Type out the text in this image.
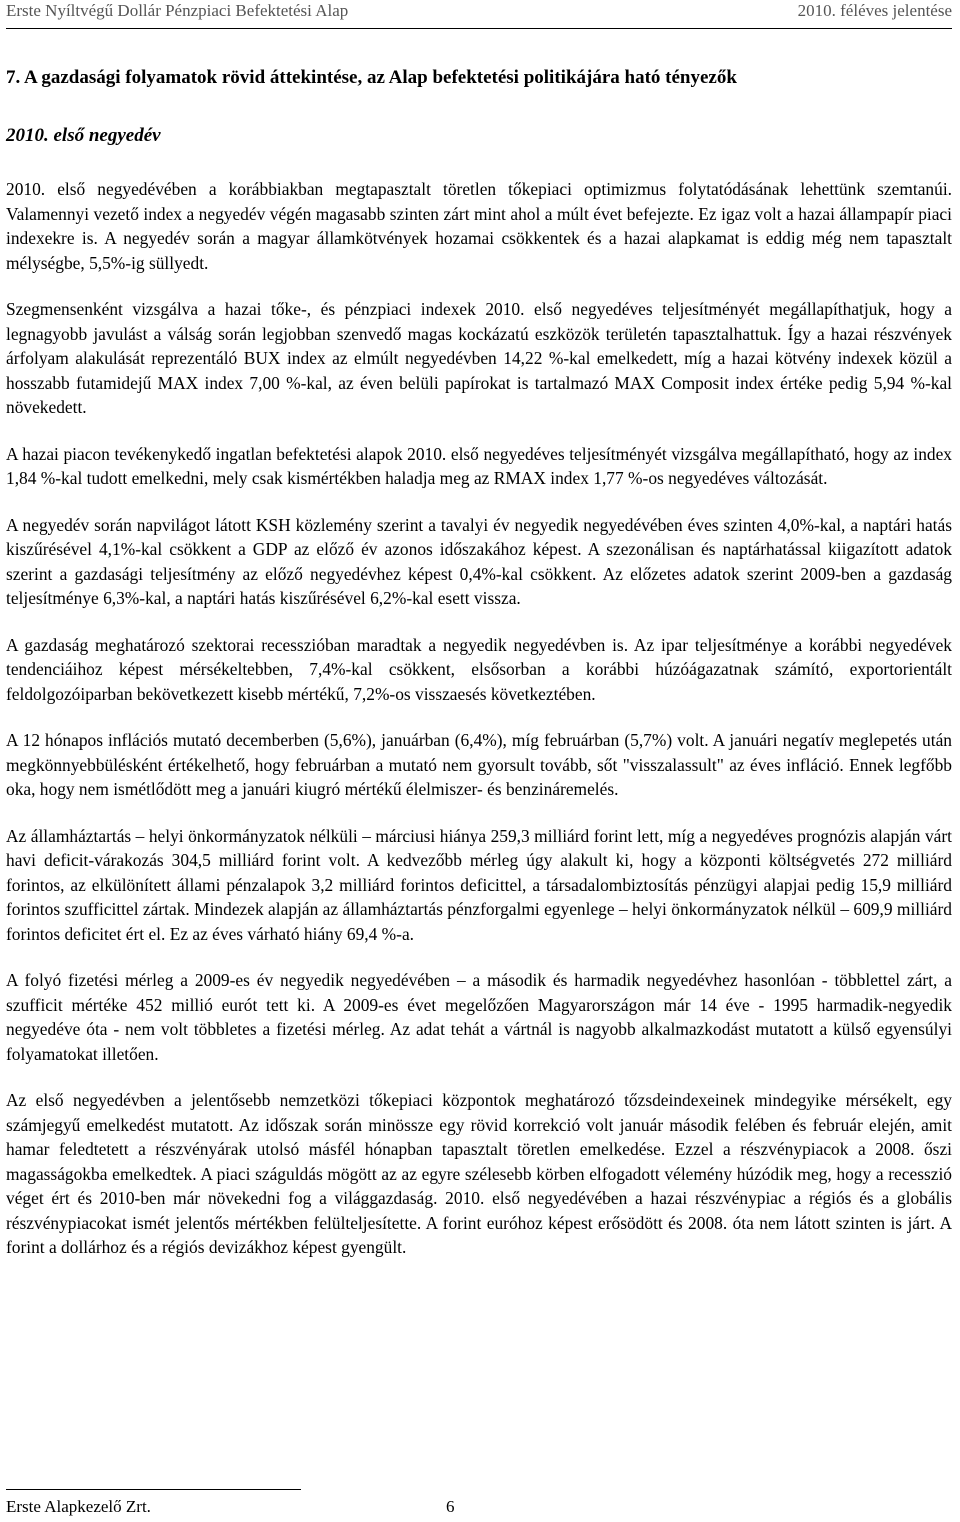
Erste Nyíltvégű Dollár Pénzpiaci Befektetési Alap	2010. féléves jelentése
7. A gazdasági folyamatok rövid áttekintése, az Alap befektetési politikájára ható tényezők
2010. első negyedév

2010. első negyedévében a korábbiakban megtapasztalt töretlen tőkepiaci optimizmus folytatódásának lehettünk szemtanúi. Valamennyi vezető index a negyedév végén magasabb szinten zárt mint ahol a múlt évet befejezte. Ez igaz volt a hazai állampapír piaci indexekre is. A negyedév során a magyar államkötvények hozamai csökkentek és a hazai alapkamat is eddig még nem tapasztalt mélységbe, 5,5%-ig süllyedt.

Szegmensenként vizsgálva a hazai tőke-, és pénzpiaci indexek 2010. első negyedéves teljesítményét megállapíthatjuk, hogy a legnagyobb javulást a válság során legjobban szenvedő magas kockázatú eszközök területén tapasztalhattuk. Így a hazai részvények árfolyam alakulását reprezentáló BUX index az elmúlt negyedévben 14,22 %-kal emelkedett, míg a hazai kötvény indexek közül a hosszabb futamidejű MAX index 7,00 %-kal, az éven belüli papírokat is tartalmazó MAX Composit index értéke pedig 5,94 %-kal növekedett.

A hazai piacon tevékenykedő ingatlan befektetési alapok 2010. első negyedéves teljesítményét vizsgálva megállapítható, hogy az index 1,84 %-kal tudott emelkedni, mely csak kismértékben haladja meg az RMAX index 1,77 %-os negyedéves változását.

A negyedév során napvilágot látott KSH közlemény szerint a tavalyi év negyedik negyedévében éves szinten 4,0%-kal, a naptári hatás kiszűrésével 4,1%-kal csökkent a GDP az előző év azonos időszakához képest. A szezonálisan és naptárhatással kiigazított adatok szerint a gazdasági teljesítmény az előző negyedévhez képest 0,4%-kal csökkent. Az előzetes adatok szerint 2009-ben a gazdaság teljesítménye 6,3%-kal, a naptári hatás kiszűrésével 6,2%-kal esett vissza.

A gazdaság meghatározó szektorai recesszióban maradtak a negyedik negyedévben is. Az ipar teljesítménye a korábbi negyedévek tendenciáihoz képest mérsékeltebben, 7,4%-kal csökkent, elsősorban a korábbi húzóágazatnak számító, exportorientált feldolgozóiparban bekövetkezett kisebb mértékű, 7,2%-os visszaesés következtében.

A 12 hónapos inflációs mutató decemberben (5,6%), januárban (6,4%), míg februárban (5,7%) volt. A januári negatív meglepetés után megkönnyebbülésként értékelhető, hogy februárban a mutató nem gyorsult tovább, sőt "visszalassult" az éves infláció. Ennek legfőbb oka, hogy nem ismétlődött meg a januári kiugró mértékű élelmiszer- és benzináremelés.

Az államháztartás – helyi önkormányzatok nélküli – márciusi hiánya 259,3 milliárd forint lett, míg a negyedéves prognózis alapján várt havi deficit-várakozás 304,5 milliárd forint volt. A kedvezőbb mérleg úgy alakult ki, hogy a központi költségvetés 272 milliárd forintos, az elkülönített állami pénzalapok 3,2 milliárd forintos deficittel, a társadalombiztosítás pénzügyi alapjai pedig 15,9 milliárd forintos szufficittel zártak. Mindezek alapján az államháztartás pénzforgalmi egyenlege – helyi önkormányzatok nélkül – 609,9 milliárd forintos deficitet ért el. Ez az éves várható hiány 69,4 %-a.

A folyó fizetési mérleg a 2009-es év negyedik negyedévében – a második és harmadik negyedévhez hasonlóan - többlettel zárt, a szufficit mértéke 452 millió eurót tett ki. A 2009-es évet megelőzően Magyarországon már 14 éve - 1995 harmadik-negyedik negyedéve óta - nem volt többletes a fizetési mérleg. Az adat tehát a vártnál is nagyobb alkalmazkodást mutatott a külső egyensúlyi folyamatokat illetően.

Az első negyedévben a jelentősebb nemzetközi tőkepiaci központok meghatározó tőzsdeindexeinek mindegyike mérsékelt, egy számjegyű emelkedést mutatott. Az időszak során minössze egy rövid korrekció volt január második felében és február elején, amit hamar feledtetett a részvényárak utolsó másfél hónapban tapasztalt töretlen emelkedése. Ezzel a részvénypiacok a 2008. őszi magasságokba emelkedtek. A piaci száguldás mögött az az egyre szélesebb körben elfogadott vélemény húzódik meg, hogy a recesszió véget ért és 2010-ben már növekedni fog a világgazdaság. 2010. első negyedévében a hazai részvénypiac a régiós és a globális részvénypiacokat ismét jelentős mértékben felülteljesítette. A forint euróhoz képest erősödött és 2008. óta nem látott szinten is járt. A forint a dollárhoz és a régiós devizákhoz képest gyengült.

Erste Alapkezelő Zrt.	6
